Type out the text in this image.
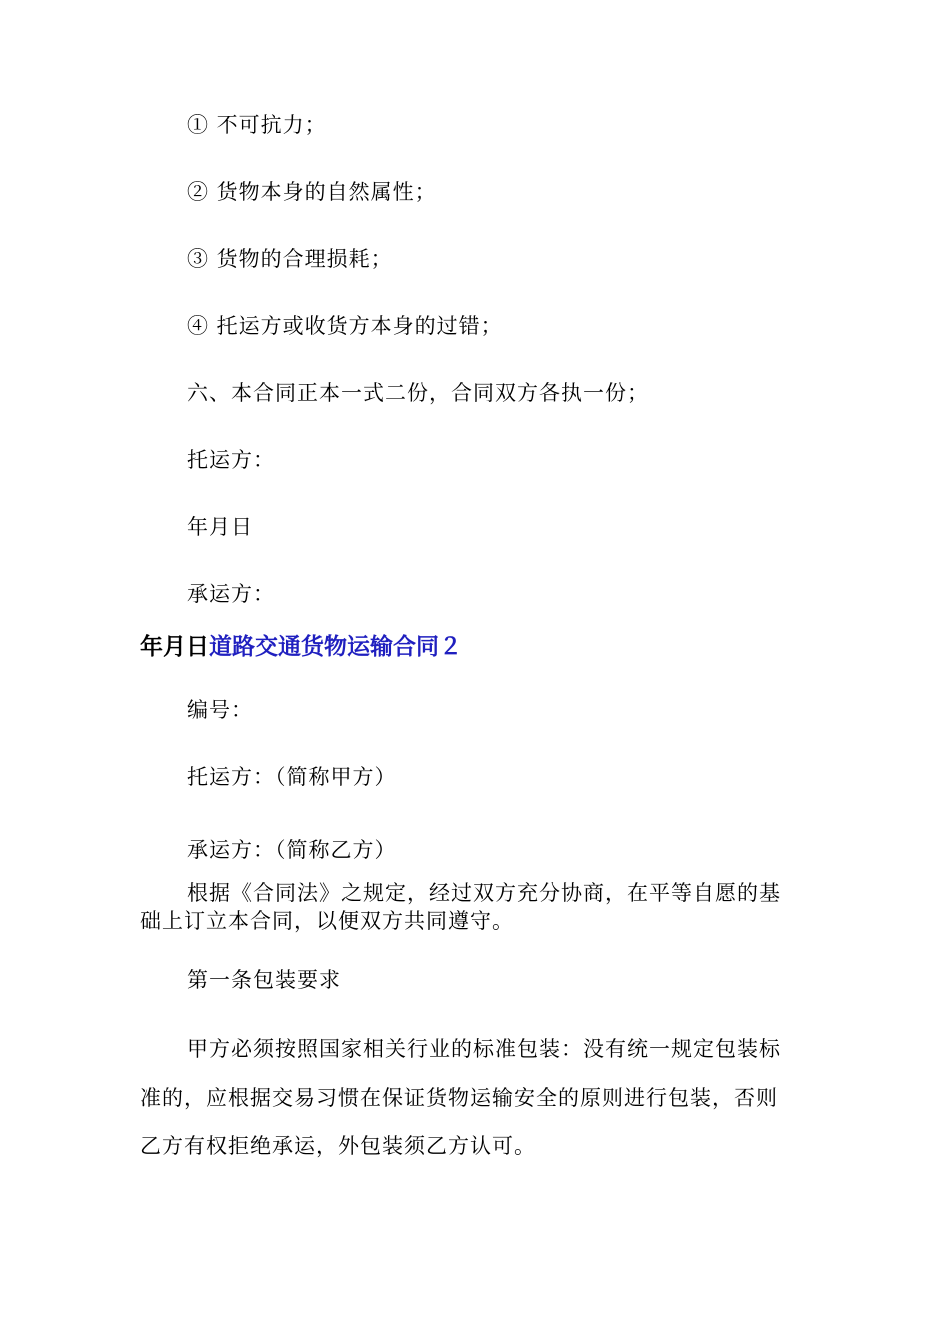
① 不可抗力；
② 货物本身的自然属性；
③ 货物的合理损耗；
④ 托运方或收货方本身的过错；
六、本合同正本一式二份，合同双方各执一份；
托运方：
年月日
承运方：
年月日道路交通货物运输合同２
编号：
托运方：（简称甲方）
承运方：（简称乙方）
根据《合同法》之规定，经过双方充分协商，在平等自愿的基
础上订立本合同，以便双方共同遵守。
第一条包装要求
甲方必须按照国家相关行业的标准包装：没有统一规定包装标
准的，应根据交易习惯在保证货物运输安全的原则进行包装，否则
乙方有权拒绝承运，外包装须乙方认可。
